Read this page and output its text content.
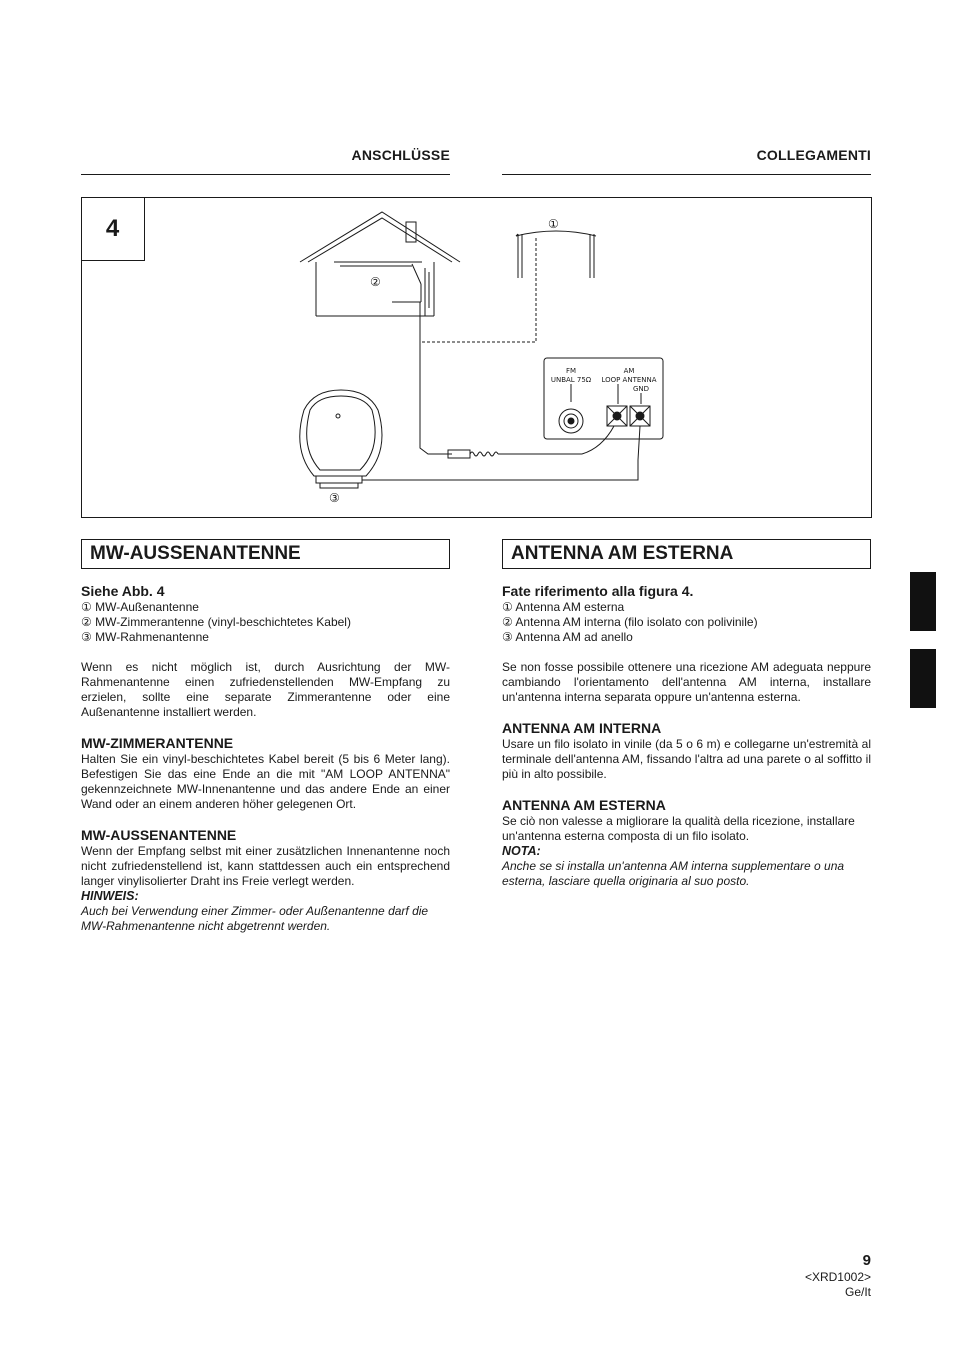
ANSCHLÜSSE	COLLEGAMENTI
4
②
①
FM
UNBAL 75Ω
AM
LOOP ANTENNA
GND
③
MW-AUSSENANTENNE	ANTENNA AM ESTERNA

Siehe Abb. 4

① MW-Außenantenne

② MW-Zimmerantenne (vinyl-beschichtetes Kabel)

③ MW-Rahmenantenne

Wenn es nicht möglich ist, durch Ausrichtung der MW-Rahmenantenne einen zufriedenstellenden MW-Empfang zu erzielen, sollte eine separate Zimmerantenne oder eine Außenantenne installiert werden.

MW-ZIMMERANTENNE

Halten Sie ein vinyl-beschichtetes Kabel bereit (5 bis 6 Meter lang). Befestigen Sie das eine Ende an die mit "AM LOOP ANTENNA" gekennzeichnete MW-Innenantenne und das andere Ende an einer Wand oder an einem anderen höher gelegenen Ort.

MW-AUSSENANTENNE

Wenn der Empfang selbst mit einer zusätzlichen Innenantenne noch nicht zufriedenstellend ist, kann stattdessen auch ein entsprechend langer vinylisolierter Draht ins Freie verlegt werden.

HINWEIS:

Auch bei Verwendung einer Zimmer- oder Außenantenne darf die MW-Rahmenantenne nicht abgetrennt werden.

Fate riferimento alla figura 4.

① Antenna AM esterna

② Antenna AM interna (filo isolato con polivinile)

③ Antenna AM ad anello

Se non fosse possibile ottenere una ricezione AM adeguata neppure cambiando l'orientamento dell'antenna AM interna, installare un'antenna interna separata oppure un'antenna esterna.

ANTENNA AM INTERNA

Usare un filo isolato in vinile (da 5 o 6 m) e collegarne un'estremità al terminale dell'antenna AM, fissando l'altra ad una parete o al soffitto il più in alto possibile.

ANTENNA AM ESTERNA

Se ciò non valesse a migliorare la qualità della ricezione, installare un'antenna esterna composta di un filo isolato.

NOTA:

Anche se si installa un'antenna AM interna supplementare o una esterna, lasciare quella originaria al suo posto.

9
<XRD1002>
Ge/It
